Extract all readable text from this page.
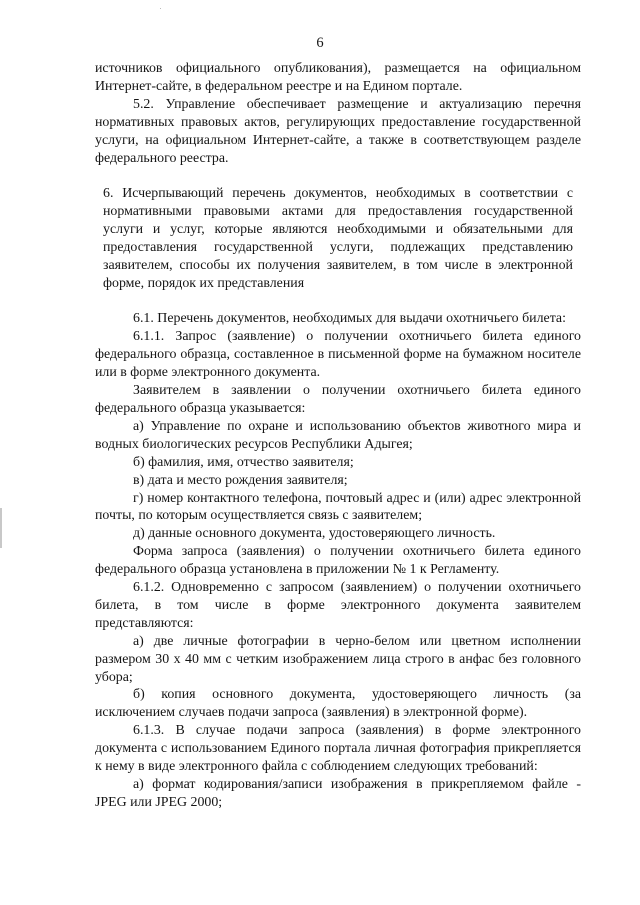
6

источников официального опубликования), размещается на официальном Интернет-сайте, в федеральном реестре и на Едином портале.

5.2. Управление обеспечивает размещение и актуализацию перечня нормативных правовых актов, регулирующих предоставление государственной услуги, на официальном Интернет-сайте, а также в соответствующем разделе федерального реестра.

6. Исчерпывающий перечень документов, необходимых в соответствии с нормативными правовыми актами для предоставления государственной услуги и услуг, которые являются необходимыми и обязательными для предоставления государственной услуги, подлежащих представлению заявителем, способы их получения заявителем, в том числе в электронной форме, порядок их представления

6.1. Перечень документов, необходимых для выдачи охотничьего билета:

6.1.1. Запрос (заявление) о получении охотничьего билета единого федерального образца, составленное в письменной форме на бумажном носителе или в форме электронного документа.

Заявителем в заявлении о получении охотничьего билета единого федерального образца указывается:

а) Управление по охране и использованию объектов животного мира и водных биологических ресурсов Республики Адыгея;

б) фамилия, имя, отчество заявителя;

в) дата и место рождения заявителя;

г) номер контактного телефона, почтовый адрес и (или) адрес электронной почты, по которым осуществляется связь с заявителем;

д) данные основного документа, удостоверяющего личность.

Форма запроса (заявления) о получении охотничьего билета единого федерального образца установлена в приложении № 1 к Регламенту.

6.1.2. Одновременно с запросом (заявлением) о получении охотничьего билета, в том числе в форме электронного документа заявителем представляются:

а) две личные фотографии в черно-белом или цветном исполнении размером 30 х 40 мм с четким изображением лица строго в анфас без головного убора;

б) копия основного документа, удостоверяющего личность (за исключением случаев подачи запроса (заявления) в электронной форме).

6.1.3. В случае подачи запроса (заявления) в форме электронного документа с использованием Единого портала личная фотография прикрепляется к нему в виде электронного файла с соблюдением следующих требований:

а) формат кодирования/записи изображения в прикрепляемом файле - JPEG или JPEG 2000;
